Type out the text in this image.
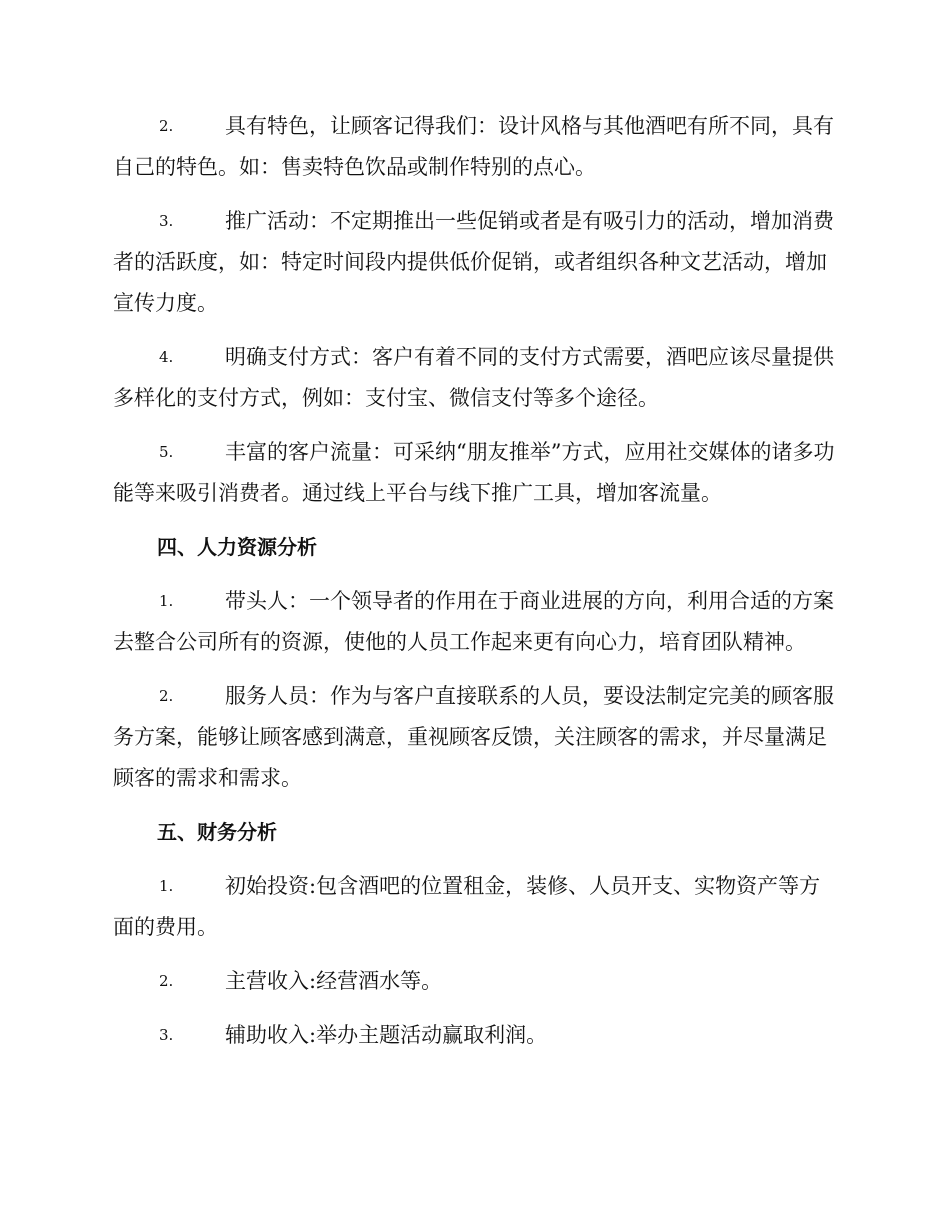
2.	具有特色，让顾客记得我们：设计风格与其他酒吧有所不同，具有自己的特色。如：售卖特色饮品或制作特别的点心。
3.	推广活动：不定期推出一些促销或者是有吸引力的活动，增加消费者的活跃度，如：特定时间段内提供低价促销，或者组织各种文艺活动，增加宣传力度。
4.	明确支付方式：客户有着不同的支付方式需要，酒吧应该尽量提供多样化的支付方式，例如：支付宝、微信支付等多个途径。
5.	丰富的客户流量：可采纳“朋友推举”方式，应用社交媒体的诸多功能等来吸引消费者。通过线上平台与线下推广工具，增加客流量。
四、人力资源分析
1.	带头人：一个领导者的作用在于商业进展的方向，利用合适的方案去整合公司所有的资源，使他的人员工作起来更有向心力，培育团队精神。
2.	服务人员：作为与客户直接联系的人员，要设法制定完美的顾客服务方案，能够让顾客感到满意，重视顾客反馈，关注顾客的需求，并尽量满足顾客的需求和需求。
五、财务分析
1.	初始投资:包含酒吧的位置租金，装修、人员开支、实物资产等方面的费用。
2.	主营收入:经营酒水等。
3.	辅助收入:举办主题活动赢取利润。
